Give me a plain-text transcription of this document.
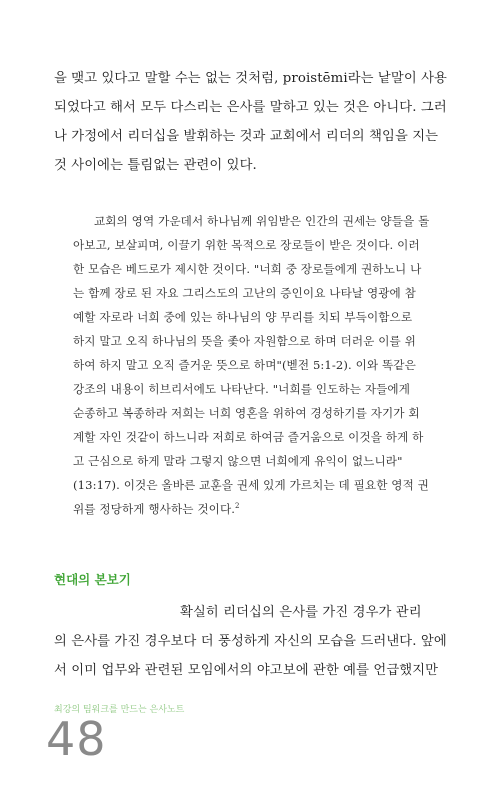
을 맺고 있다고 말할 수는 없는 것처럼, proistēmi라는 낱말이 사용

되었다고 해서 모두 다스리는 은사를 말하고 있는 것은 아니다. 그러

나 가정에서 리더십을 발휘하는 것과 교회에서 리더의 책임을 지는

것 사이에는 틀림없는 관련이 있다.

교회의 영역 가운데서 하나님께 위임받은 인간의 권세는 양들을 돌

아보고, 보살피며, 이끌기 위한 목적으로 장로들이 받은 것이다. 이러

한 모습은 베드로가 제시한 것이다. "너희 중 장로들에게 권하노니 나

는 함께 장로 된 자요 그리스도의 고난의 증인이요 나타날 영광에 참

예할 자로라 너희 중에 있는 하나님의 양 무리를 치되 부득이함으로

하지 말고 오직 하나님의 뜻을 좇아 자원함으로 하며 더러운 이를 위

하여 하지 말고 오직 즐거운 뜻으로 하며"(벧전 5:1-2). 이와 똑같은

강조의 내용이 히브리서에도 나타난다. "너희를 인도하는 자들에게

순종하고 복종하라 저희는 너희 영혼을 위하여 경성하기를 자기가 회

계할 자인 것같이 하느니라 저희로 하여금 즐거움으로 이것을 하게 하

고 근심으로 하게 말라 그렇지 않으면 너희에게 유익이 없느니라"

(13:17). 이것은 올바른 교훈을 권세 있게 가르치는 데 필요한 영적 권

위를 정당하게 행사하는 것이다.$^2$

현대의 본보기

확실히 리더십의 은사를 가진 경우가 관리

의 은사를 가진 경우보다 더 풍성하게 자신의 모습을 드러낸다. 앞에

서 이미 업무와 관련된 모임에서의 야고보에 관한 예를 언급했지만

최강의 팀워크를 만드는 은사노트
48
